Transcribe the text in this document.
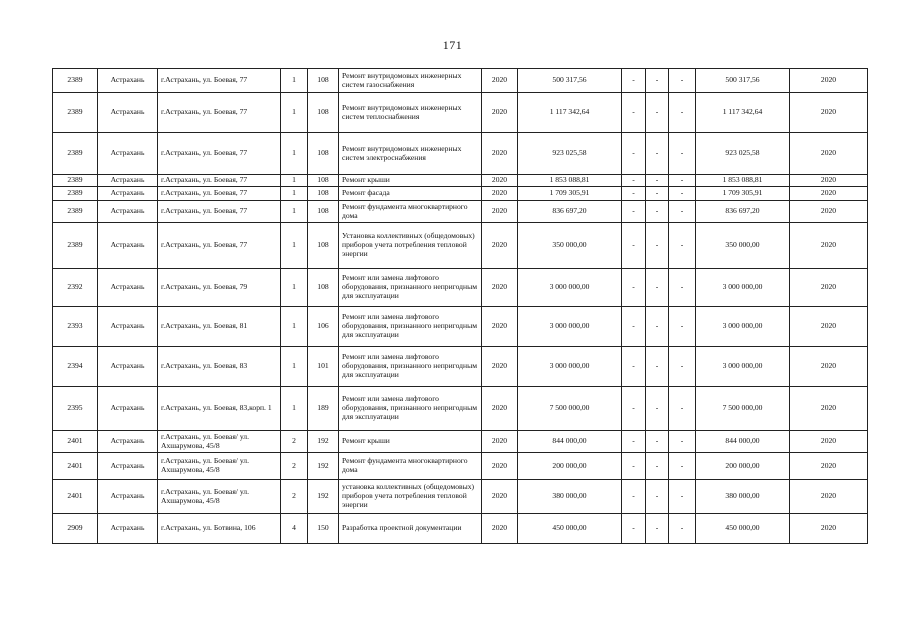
171
2389	Астрахань	г.Астрахань, ул. Боевая, 77	1	108	Ремонт внутридомовых инженерных систем газоснабжения	2020	500 317,56	-	-	-	500 317,56	2020
2389	Астрахань	г.Астрахань, ул. Боевая, 77	1	108	Ремонт внутридомовых инженерных систем теплоснабжения	2020	1 117 342,64	-	-	-	1 117 342,64	2020
2389	Астрахань	г.Астрахань, ул. Боевая, 77	1	108	Ремонт внутридомовых инженерных систем электроснабжения	2020	923 025,58	-	-	-	923 025,58	2020
2389	Астрахань	г.Астрахань, ул. Боевая, 77	1	108	Ремонт крыши	2020	1 853 088,81	-	-	-	1 853 088,81	2020
2389	Астрахань	г.Астрахань, ул. Боевая, 77	1	108	Ремонт фасада	2020	1 709 305,91	-	-	-	1 709 305,91	2020
2389	Астрахань	г.Астрахань, ул. Боевая, 77	1	108	Ремонт фундамента многоквартирного дома	2020	836 697,20	-	-	-	836 697,20	2020
2389	Астрахань	г.Астрахань, ул. Боевая, 77	1	108	Установка коллективных (общедомовых) приборов учета потребления тепловой энергии	2020	350 000,00	-	-	-	350 000,00	2020
2392	Астрахань	г.Астрахань, ул. Боевая, 79	1	108	Ремонт или замена лифтового оборудования, признанного непригодным для эксплуатации	2020	3 000 000,00	-	-	-	3 000 000,00	2020
2393	Астрахань	г.Астрахань, ул. Боевая, 81	1	106	Ремонт или замена лифтового оборудования, признанного непригодным для эксплуатации	2020	3 000 000,00	-	-	-	3 000 000,00	2020
2394	Астрахань	г.Астрахань, ул. Боевая, 83	1	101	Ремонт или замена лифтового оборудования, признанного непригодным для эксплуатации	2020	3 000 000,00	-	-	-	3 000 000,00	2020
2395	Астрахань	г.Астрахань, ул. Боевая, 83,корп. 1	1	189	Ремонт или замена лифтового оборудования, признанного непригодным для эксплуатации	2020	7 500 000,00	-	-	-	7 500 000,00	2020
2401	Астрахань	г.Астрахань, ул. Боевая/ ул. Ахшарумова, 45/8	2	192	Ремонт крыши	2020	844 000,00	-	-	-	844 000,00	2020
2401	Астрахань	г.Астрахань, ул. Боевая/ ул. Ахшарумова, 45/8	2	192	Ремонт фундамента многоквартирного дома	2020	200 000,00	-	-	-	200 000,00	2020
2401	Астрахань	г.Астрахань, ул. Боевая/ ул. Ахшарумова, 45/8	2	192	установка коллективных (общедомовых) приборов учета потребления тепловой энергии	2020	380 000,00	-	-	-	380 000,00	2020
2909	Астрахань	г.Астрахань, ул. Ботвина, 106	4	150	Разработка проектной документации	2020	450 000,00	-	-	-	450 000,00	2020
